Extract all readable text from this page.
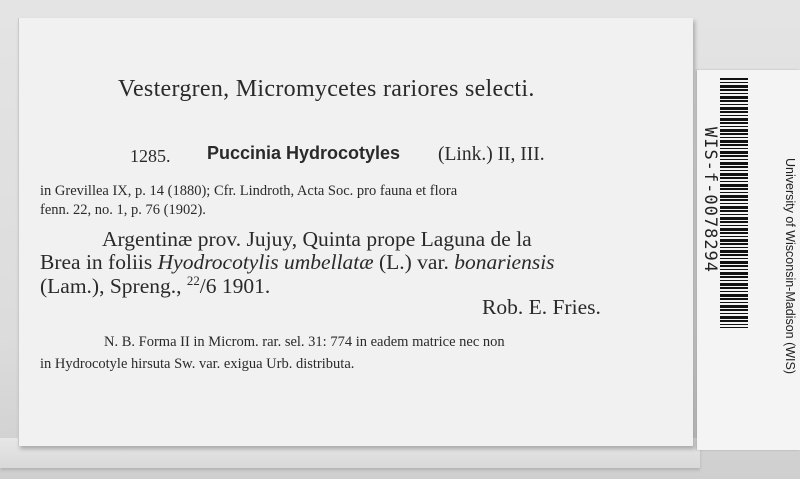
Vestergren, Micromycetes rariores selecti.
1285. Puccinia Hydrocotyles (Link.) II, III.
in Grevillea IX, p. 14 (1880); Cfr. Lindroth, Acta Soc. pro fauna et flora
fenn. 22, no. 1, p. 76 (1902).
Argentinæ prov. Jujuy, Quinta prope Laguna de la
Brea in foliis Hyodrocotylis umbellatæ (L.) var. bonariensis
(Lam.), Spreng., $^{22}$/6 1901.
Rob. E. Fries.
N. B. Forma II in Microm. rar. sel. 31: 774 in eadem matrice nec non
in Hydrocotyle hirsuta Sw. var. exigua Urb. distributa.
WIS-f-0078294	University of Wisconsin-Madison (WIS)
